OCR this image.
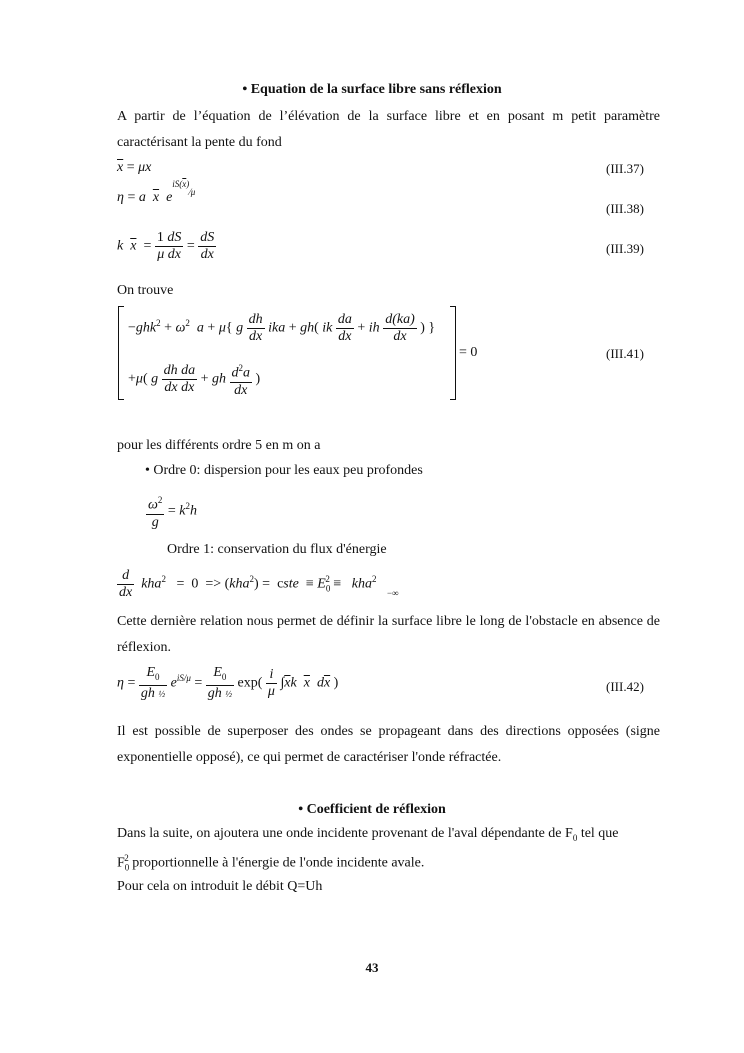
• Equation de la surface libre sans réflexion
A partir de l’équation de l’élévation de la surface libre et en posant m petit paramètre caractérisant la pente du fond
$\overline{x} = \mu x$	(III.37)
η = a $\overline{x}$ $e^{iS(\overline{x})⁄\mu}$
(III.38)
k $\overline{x} = \frac{1 dS}{\text{μ dx}} = \frac{dS}{d\overline{x}}$	(III.39)
On trouve
$-ghk^2 + \omega^2$ a + μ{ g $\frac{dh}{d\overline{x}}$ ika + gh( ik $\frac{da}{d\overline{x}}$ + ih $\frac{d(ka)}{d\overline{x}}$ ) }
+μ( g $\frac{\text{dh da}}{d\overline{x} d\overline{x}}$ + gh $\frac{d^2a}{d\overline{x}}$ )
= 0	(III.41)
pour les différents ordre 5 en m on a
• Ordre 0: dispersion pour les eaux peu profondes
$\frac{\omega^2}{g} = k^2h$
Ordre 1: conservation du flux d'énergie
$\frac{d}{dx} kha^2 = 0 => (kha^2)$ =  cste  ≡ $E_0^2 \equiv kha^2$   $_{-\infty}$
Cette dernière relation nous permet de définir la surface libre le long de l'obstacle en absence de réflexion.
$\eta = \frac{E_0}{\text{gh ½}} e^{iS/\mu} = \frac{E_0}{\text{gh ½}} \exp( \frac{i}{\mu} \int\overline{x}k$ $\overline{x}$ $d\overline{x}$ )	(III.42)
Il est possible de superposer des ondes se propageant dans des directions opposées (signe exponentielle opposé), ce qui permet de caractériser l'onde réfractée.
• Coefficient de réflexion
Dans la suite, on ajoutera une onde incidente provenant de l'aval dépendante de $F_0$ tel que
$F_0^2$ proportionnelle à l'énergie de l'onde incidente avale.
Pour cela on introduit le débit Q=Uh
43
